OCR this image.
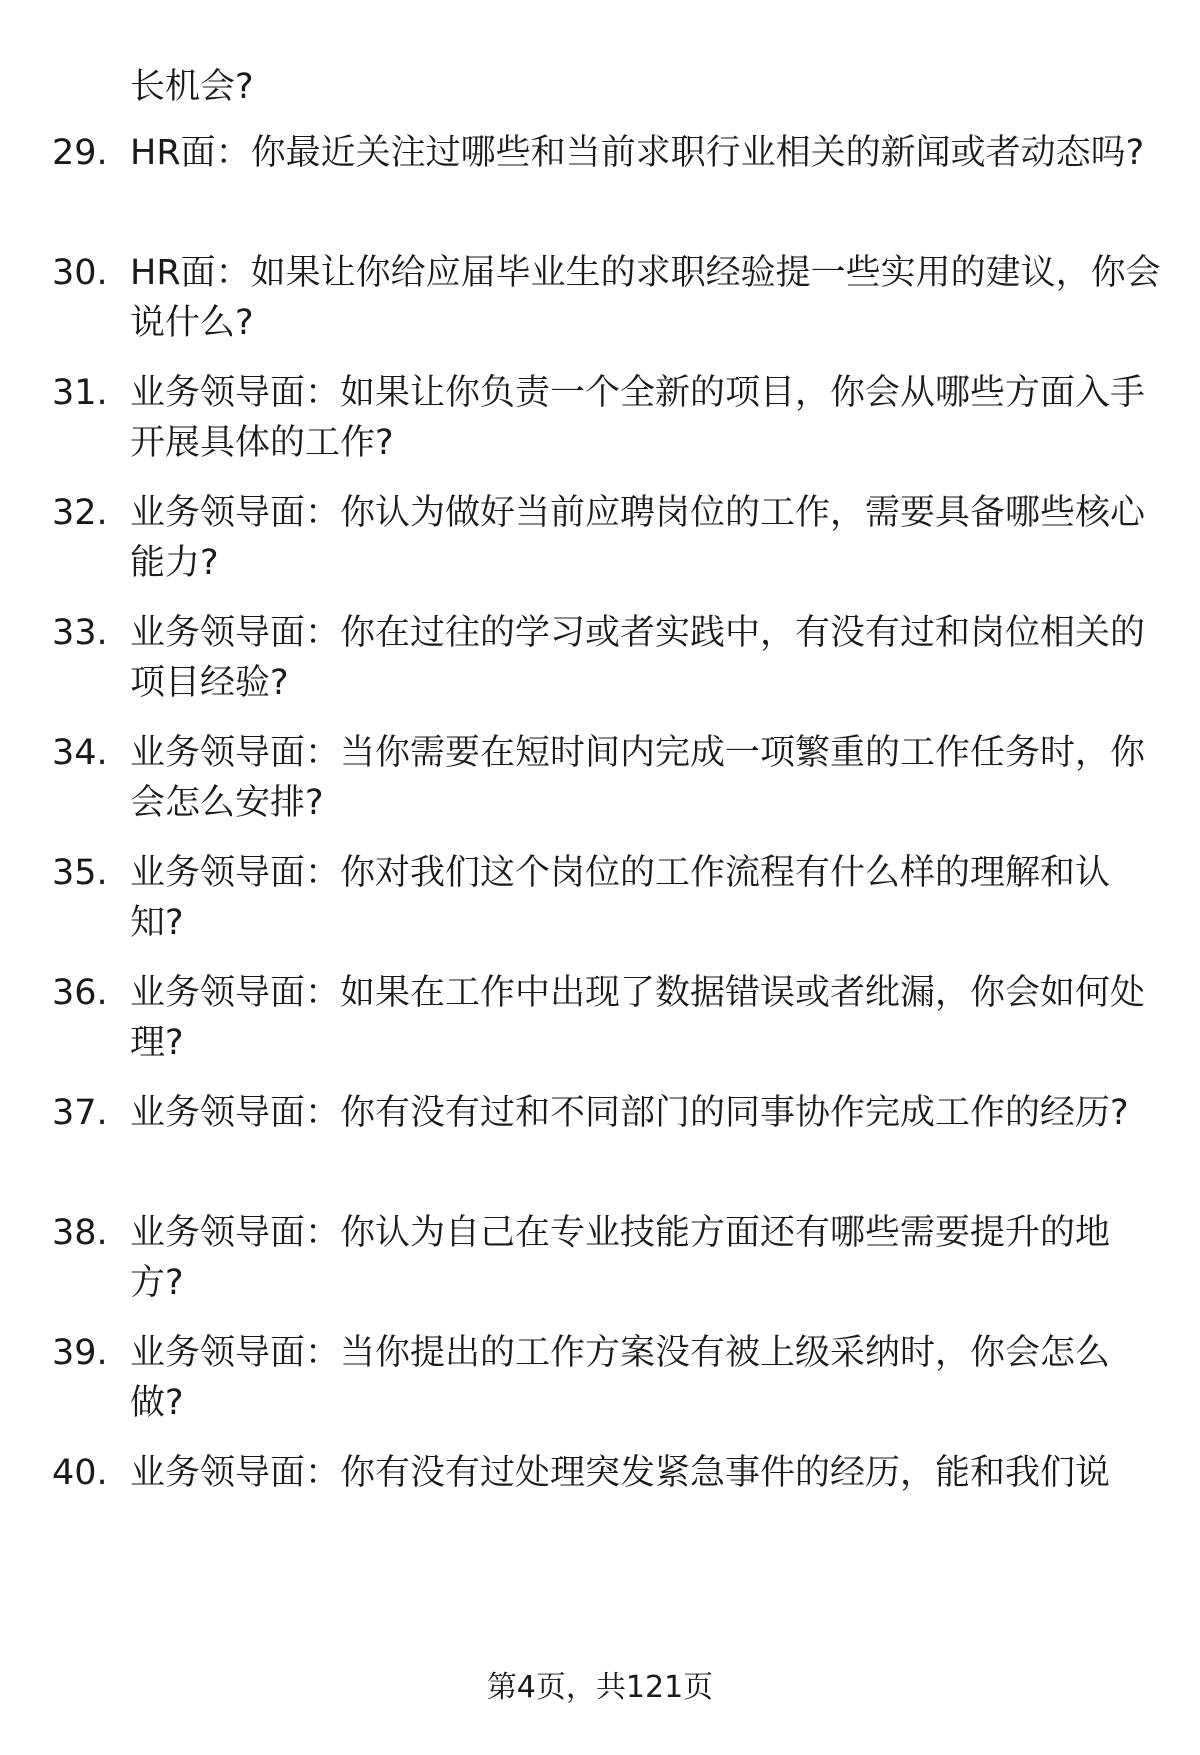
长机会?
29. HR面：你最近关注过哪些和当前求职行业相关的新闻或者动态吗?
30. HR面：如果让你给应届毕业生的求职经验提一些实用的建议，你会说什么?
31. 业务领导面：如果让你负责一个全新的项目，你会从哪些方面入手开展具体的工作?
32. 业务领导面：你认为做好当前应聘岗位的工作，需要具备哪些核心能力?
33. 业务领导面：你在过往的学习或者实践中，有没有过和岗位相关的项目经验?
34. 业务领导面：当你需要在短时间内完成一项繁重的工作任务时，你会怎么安排?
35. 业务领导面：你对我们这个岗位的工作流程有什么样的理解和认知?
36. 业务领导面：如果在工作中出现了数据错误或者纰漏，你会如何处理?
37. 业务领导面：你有没有过和不同部门的同事协作完成工作的经历?
38. 业务领导面：你认为自己在专业技能方面还有哪些需要提升的地方?
39. 业务领导面：当你提出的工作方案没有被上级采纳时，你会怎么做?
40. 业务领导面：你有没有过处理突发紧急事件的经历，能和我们说
第4页，共121页
